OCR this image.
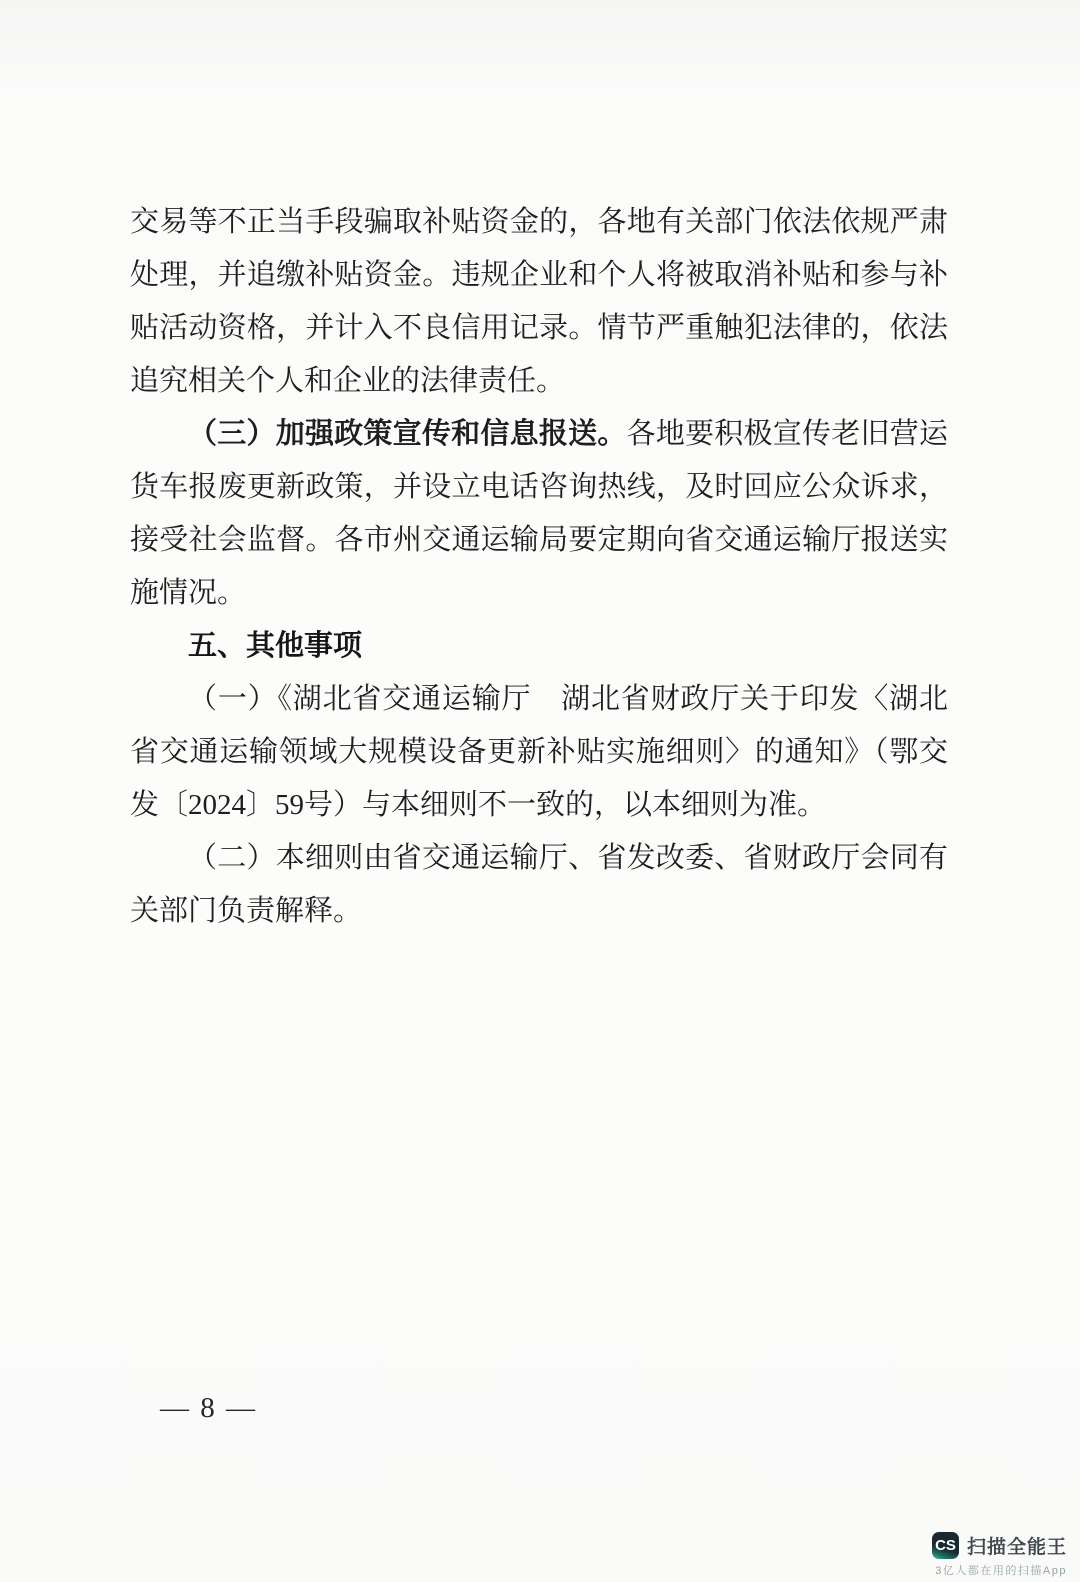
交易等不正当手段骗取补贴资金的，各地有关部门依法依规严肃处理，并追缴补贴资金。违规企业和个人将被取消补贴和参与补贴活动资格，并计入不良信用记录。情节严重触犯法律的，依法追究相关个人和企业的法律责任。

（三）加强政策宣传和信息报送。各地要积极宣传老旧营运货车报废更新政策，并设立电话咨询热线，及时回应公众诉求，接受社会监督。各市州交通运输局要定期向省交通运输厅报送实施情况。

五、其他事项

（一）《湖北省交通运输厅　湖北省财政厅关于印发〈湖北省交通运输领域大规模设备更新补贴实施细则〉的通知》（鄂交发〔2024〕59号）与本细则不一致的，以本细则为准。

（二）本细则由省交通运输厅、省发改委、省财政厅会同有关部门负责解释。

— 8 —
CS 扫描全能王
3亿人都在用的扫描App
